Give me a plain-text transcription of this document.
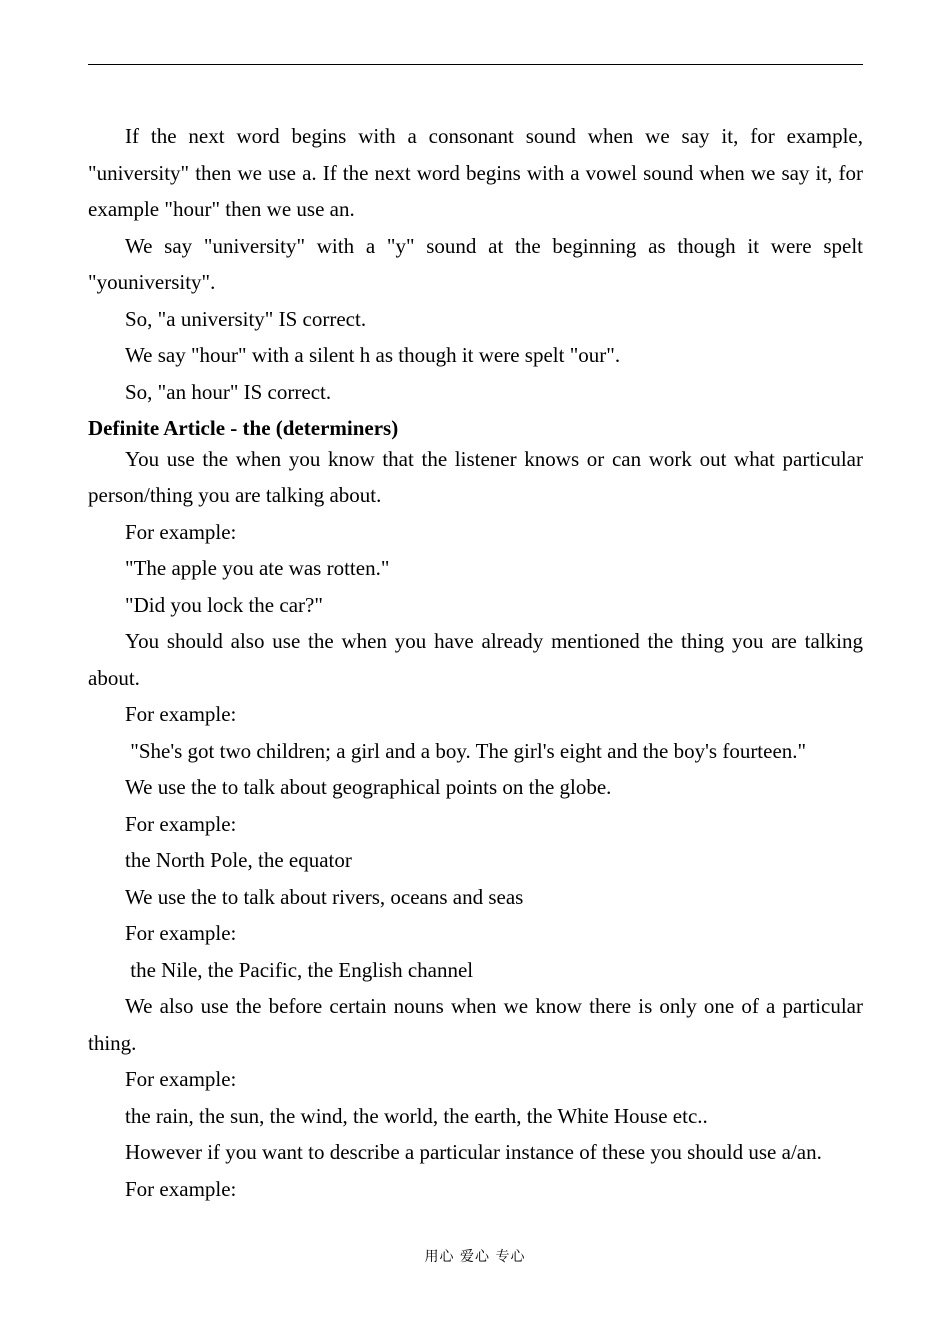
If the next word begins with a consonant sound when we say it, for example, "university" then we use a. If the next word begins with a vowel sound when we say it, for example "hour" then we use an.

We say "university" with a "y" sound at the beginning as though it were spelt "youniversity".

So, "a university" IS correct.

We say "hour" with a silent h as though it were spelt "our".

So, "an hour" IS correct.

Definite Article - the (determiners)

You use the when you know that the listener knows or can work out what particular person/thing you are talking about.

For example:

"The apple you ate was rotten."

"Did you lock the car?"

You should also use the when you have already mentioned the thing you are talking about.

For example:

"She's got two children; a girl and a boy. The girl's eight and the boy's fourteen."

We use the to talk about geographical points on the globe.

For example:

the North Pole, the equator

We use the to talk about rivers, oceans and seas

For example:

the Nile, the Pacific, the English channel

We also use the before certain nouns when we know there is only one of a particular thing.

For example:

the rain, the sun, the wind, the world, the earth, the White House etc..

However if you want to describe a particular instance of these you should use a/an.

For example:

用心 爱心 专心
